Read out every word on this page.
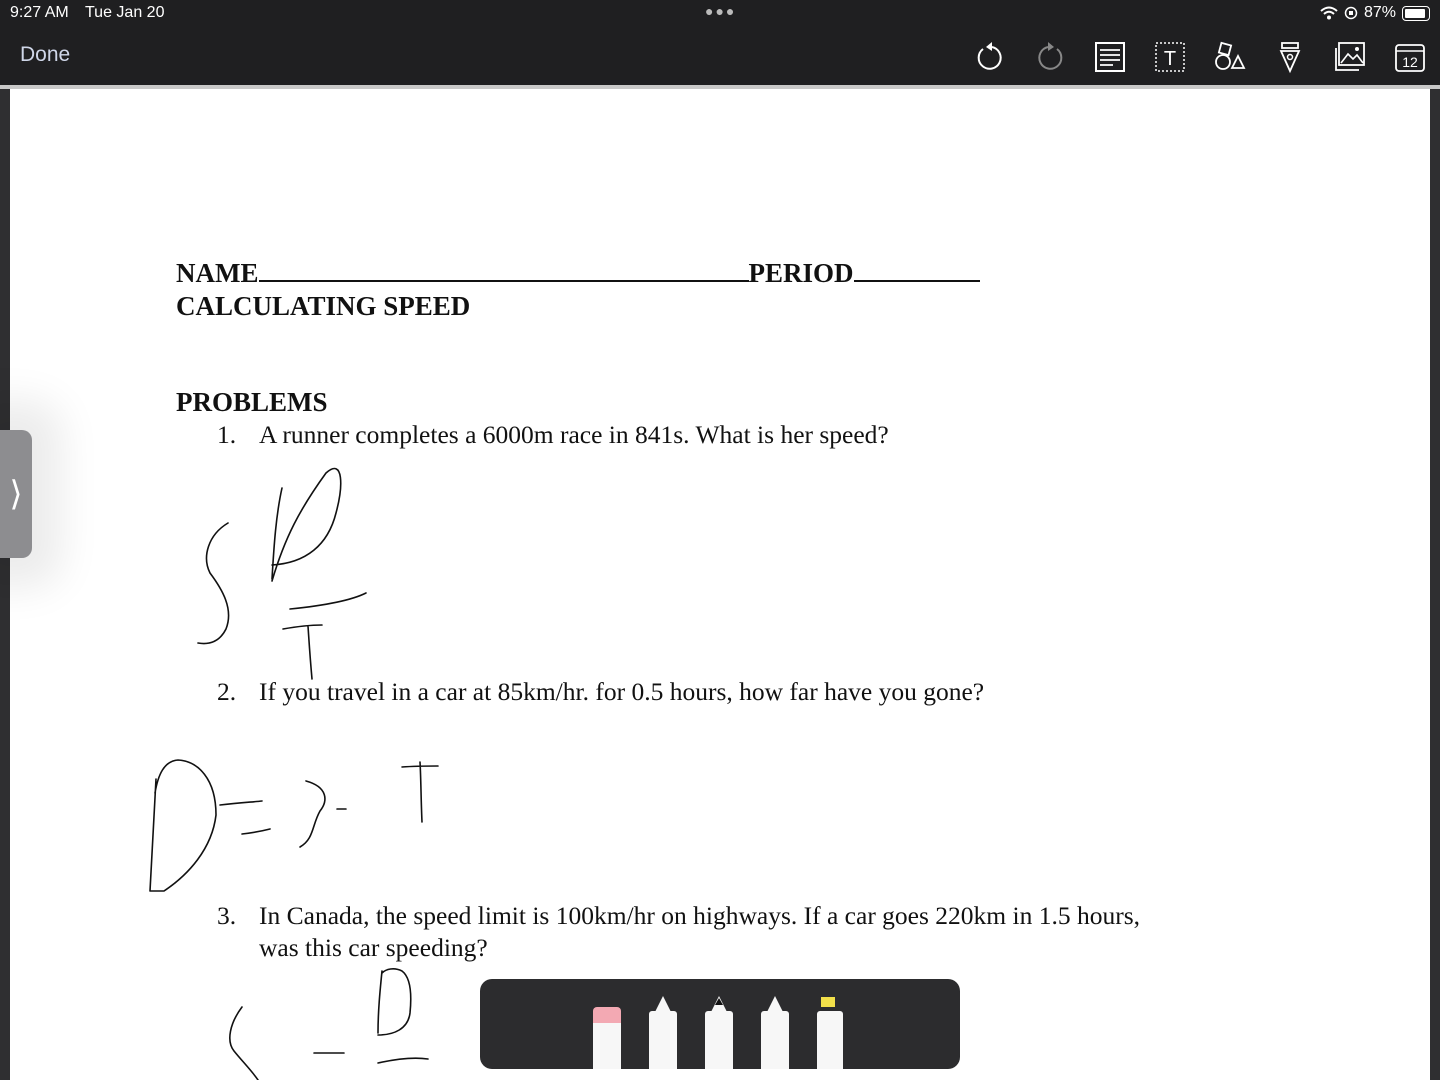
9:27 AM Tue Jan 20	●●●	87%
Done	T	12
NAME	PERIOD
CALCULATING SPEED
PROBLEMS
1. A runner completes a 6000m race in 841s. What is her speed?
2. If you travel in a car at 85km/hr. for 0.5 hours, how far have you gone?
3. In Canada, the speed limit is 100km/hr on highways. If a car goes 220km in 1.5 hours,
was this car speeding?
⟩
